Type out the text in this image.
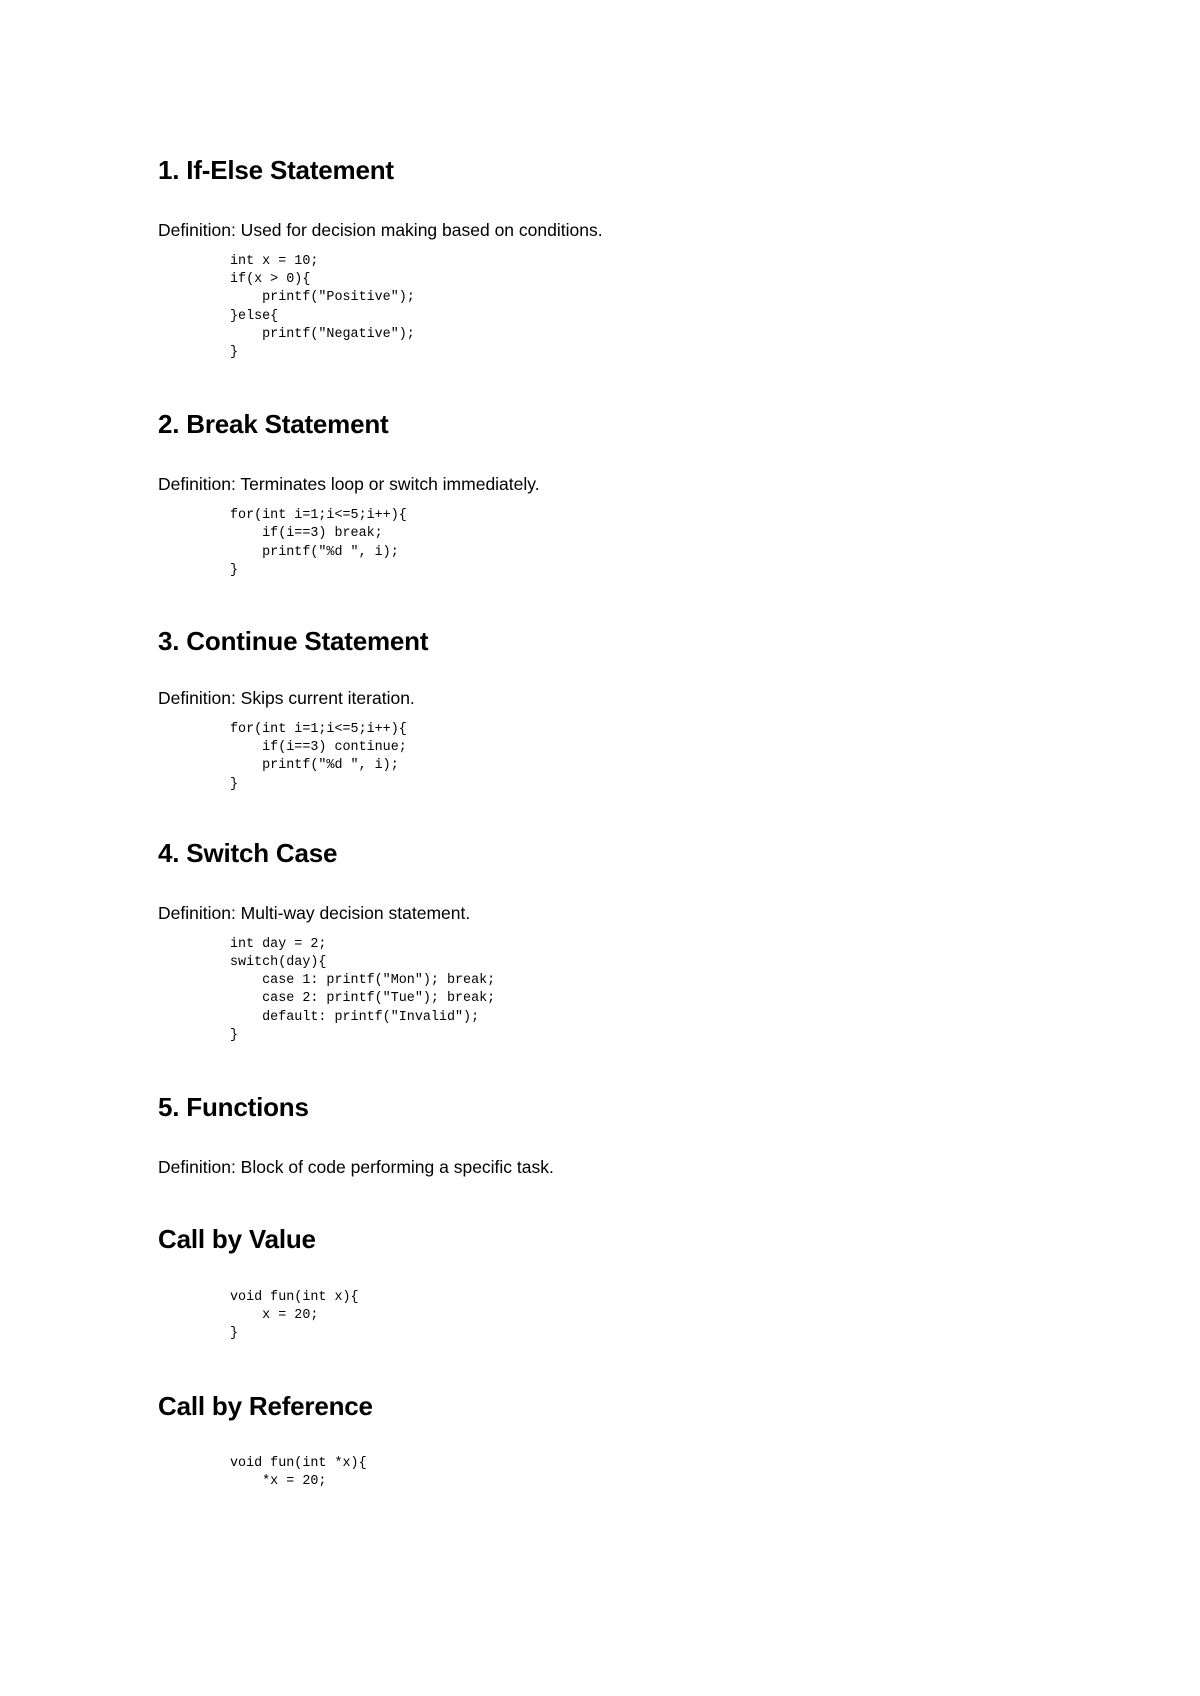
1. If-Else Statement

Definition: Used for decision making based on conditions.

int x = 10;
if(x > 0){
printf("Positive");
}else{
printf("Negative");
}
2. Break Statement

Definition: Terminates loop or switch immediately.

for(int i=1;i<=5;i++){
if(i==3) break;
printf("%d ", i);
}
3. Continue Statement

Definition: Skips current iteration.

for(int i=1;i<=5;i++){
if(i==3) continue;
printf("%d ", i);
}
4. Switch Case

Definition: Multi-way decision statement.

int day = 2;
switch(day){
case 1: printf("Mon"); break;
case 2: printf("Tue"); break;
default: printf("Invalid");
}
5. Functions

Definition: Block of code performing a specific task.

Call by Value
void fun(int x){
x = 20;
}
Call by Reference
void fun(int *x){
*x = 20;
